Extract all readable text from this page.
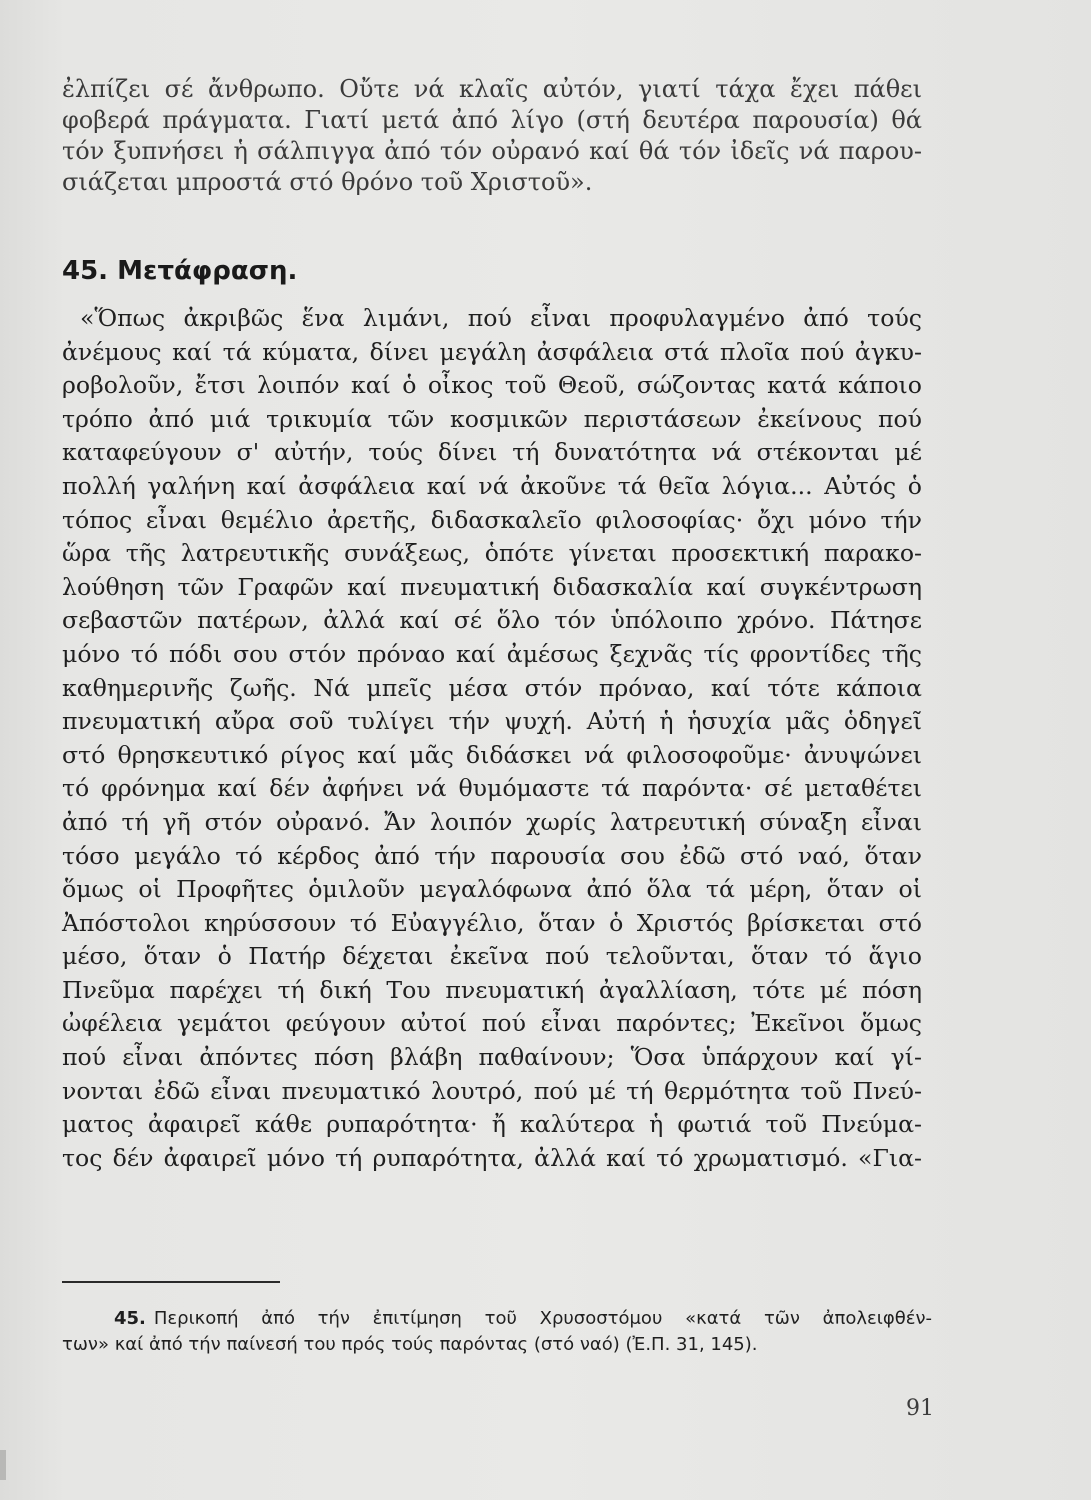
ἐλπίζει σέ ἄνθρωπο. Οὔτε νά κλαῖς αὐτόν, γιατί τάχα ἔχει πάθει
φοβερά πράγματα. Γιατί μετά ἀπό λίγο (στή δευτέρα παρουσία) θά
τόν ξυπνήσει ἡ σάλπιγγα ἀπό τόν οὐρανό καί θά τόν ἰδεῖς νά παρου-
σιάζεται μπροστά στό θρόνο τοῦ Χριστοῦ».
45. Μετάφραση.
«Ὅπως ἀκριβῶς ἕνα λιμάνι, πού εἶναι προφυλαγμένο ἀπό τούς
ἀνέμους καί τά κύματα, δίνει μεγάλη ἀσφάλεια στά πλοῖα πού ἀγκυ-
ροβολοῦν, ἔτσι λοιπόν καί ὁ οἶκος τοῦ Θεοῦ, σώζοντας κατά κάποιο
τρόπο ἀπό μιά τρικυμία τῶν κοσμικῶν περιστάσεων ἐκείνους πού
καταφεύγουν σ' αὐτήν, τούς δίνει τή δυνατότητα νά στέκονται μέ
πολλή γαλήνη καί ἀσφάλεια καί νά ἀκοῦνε τά θεῖα λόγια... Αὐτός ὁ
τόπος εἶναι θεμέλιο ἀρετῆς, διδασκαλεῖο φιλοσοφίας· ὄχι μόνο τήν
ὥρα τῆς λατρευτικῆς συνάξεως, ὁπότε γίνεται προσεκτική παρακο-
λούθηση τῶν Γραφῶν καί πνευματική διδασκαλία καί συγκέντρωση
σεβαστῶν πατέρων, ἀλλά καί σέ ὅλο τόν ὑπόλοιπο χρόνο. Πάτησε
μόνο τό πόδι σου στόν πρόναο καί ἀμέσως ξεχνᾶς τίς φροντίδες τῆς
καθημερινῆς ζωῆς. Νά μπεῖς μέσα στόν πρόναο, καί τότε κάποια
πνευματική αὔρα σοῦ τυλίγει τήν ψυχή. Αὐτή ἡ ἡσυχία μᾶς ὁδηγεῖ
στό θρησκευτικό ρίγος καί μᾶς διδάσκει νά φιλοσοφοῦμε· ἀνυψώνει
τό φρόνημα καί δέν ἀφήνει νά θυμόμαστε τά παρόντα· σέ μεταθέτει
ἀπό τή γῆ στόν οὐρανό. Ἄν λοιπόν χωρίς λατρευτική σύναξη εἶναι
τόσο μεγάλο τό κέρδος ἀπό τήν παρουσία σου ἐδῶ στό ναό, ὅταν
ὅμως οἱ Προφῆτες ὁμιλοῦν μεγαλόφωνα ἀπό ὅλα τά μέρη, ὅταν οἱ
Ἀπόστολοι κηρύσσουν τό Εὐαγγέλιο, ὅταν ὁ Χριστός βρίσκεται στό
μέσο, ὅταν ὁ Πατήρ δέχεται ἐκεῖνα πού τελοῦνται, ὅταν τό ἅγιο
Πνεῦμα παρέχει τή δική Του πνευματική ἀγαλλίαση, τότε μέ πόση
ὠφέλεια γεμάτοι φεύγουν αὐτοί πού εἶναι παρόντες; Ἐκεῖνοι ὅμως
πού εἶναι ἀπόντες πόση βλάβη παθαίνουν; Ὅσα ὑπάρχουν καί γί-
νονται ἐδῶ εἶναι πνευματικό λουτρό, πού μέ τή θερμότητα τοῦ Πνεύ-
ματος ἀφαιρεῖ κάθε ρυπαρότητα· ἤ καλύτερα ἡ φωτιά τοῦ Πνεύμα-
τος δέν ἀφαιρεῖ μόνο τή ρυπαρότητα, ἀλλά καί τό χρωματισμό. «Για-
45. Περικοπή ἀπό τήν ἐπιτίμηση τοῦ Χρυσοστόμου «κατά τῶν ἀπολειφθέν-
των» καί ἀπό τήν παίνεσή του πρός τούς παρόντας (στό ναό) (Ἐ.Π. 31, 145).
91
